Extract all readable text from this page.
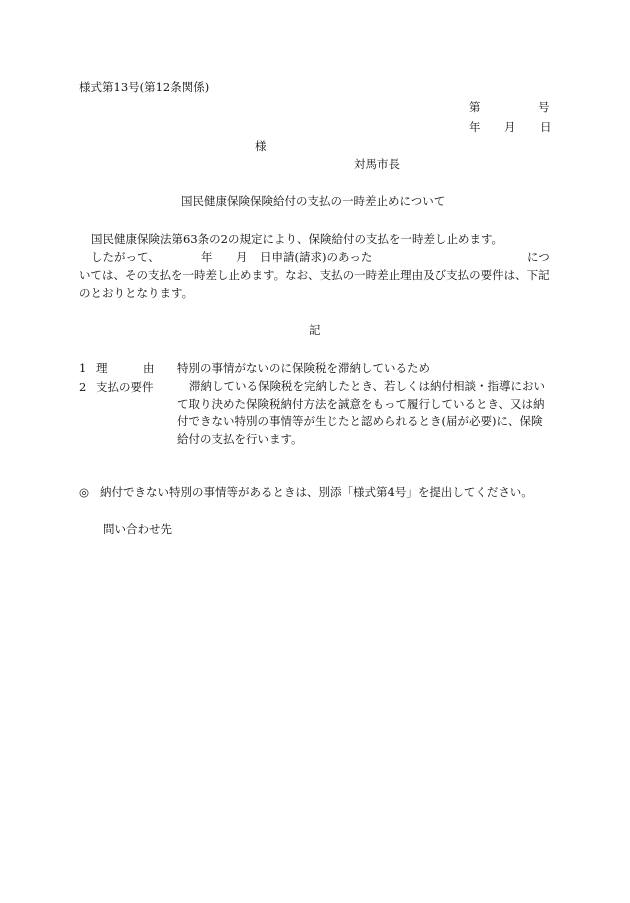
様式第13号(第12条関係)
第	号
年 月 日
様
対馬市長
国民健康保険保険給付の支払の一時差止めについて
国民健康保険法第63条の2の規定により、保険給付の支払を一時差し止めます。
したがって、	年 月 日申請(請求)のあった	につ
いては、その支払を一時差し止めます。なお、支払の一時差止理由及び支払の要件は、下記
のとおりとなります。
記
1 理	由 特別の事情がないのに保険税を滞納しているため
2 支払の要件	滞納している保険税を完納したとき、若しくは納付相談・指導におい
て取り決めた保険税納付方法を誠意をもって履行しているとき、又は納
付できない特別の事情等が生じたと認められるとき(届が必要)に、保険
給付の支払を行います。
◎ 納付できない特別の事情等があるときは、別添「様式第4号」を提出してください。
問い合わせ先
